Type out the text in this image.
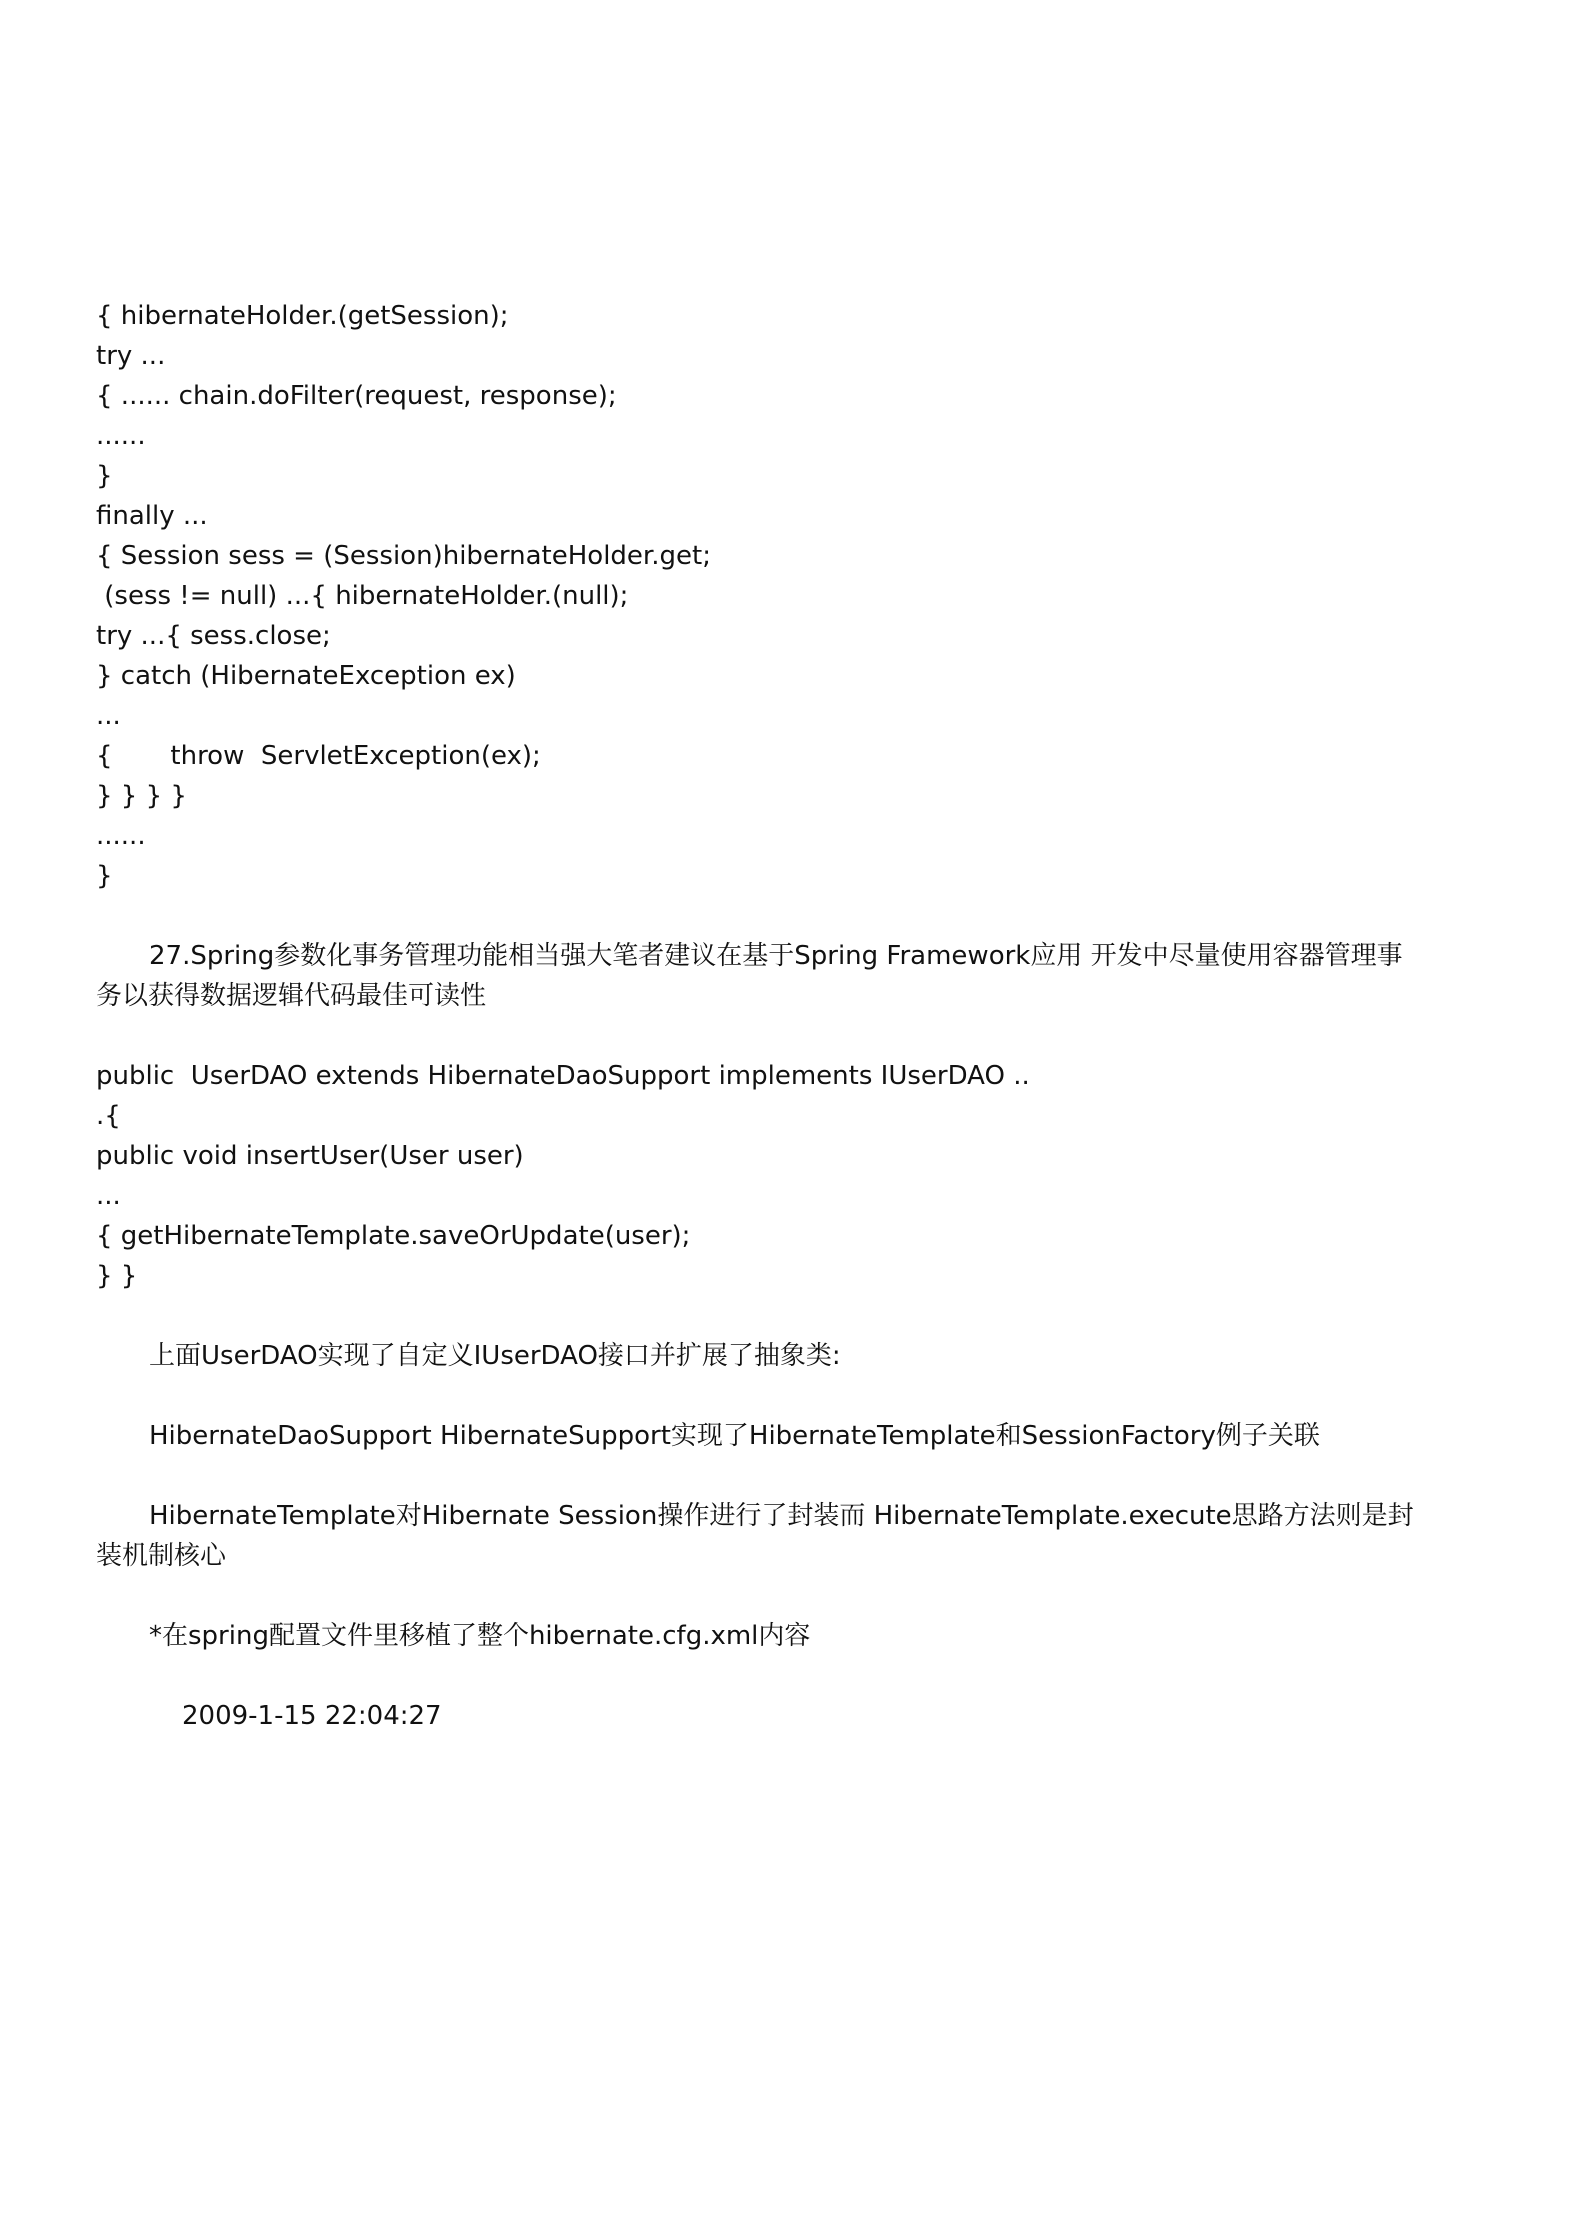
{ hibernateHolder.(getSession);
try ...
{ ...... chain.doFilter(request, response);
......
}
finally ...
{ Session sess = (Session)hibernateHolder.get;
(sess != null) ...{ hibernateHolder.(null);
try ...{ sess.close;
} catch (HibernateException ex)
...
{       throw  ServletException(ex);
} } } }
......
}
27.Spring参数化事务管理功能相当强大笔者建议在基于Spring Framework应用 开发中尽量使用容器管理事务以获得数据逻辑代码最佳可读性
public  UserDAO extends HibernateDaoSupport implements IUserDAO ..
.{
public void insertUser(User user)
...
{ getHibernateTemplate.saveOrUpdate(user);
} }
上面UserDAO实现了自定义IUserDAO接口并扩展了抽象类:
HibernateDaoSupport HibernateSupport实现了HibernateTemplate和SessionFactory例子关联
HibernateTemplate对Hibernate Session操作进行了封装而 HibernateTemplate.execute思路方法则是封装机制核心
*在spring配置文件里移植了整个hibernate.cfg.xml内容
2009-1-15 22:04:27
